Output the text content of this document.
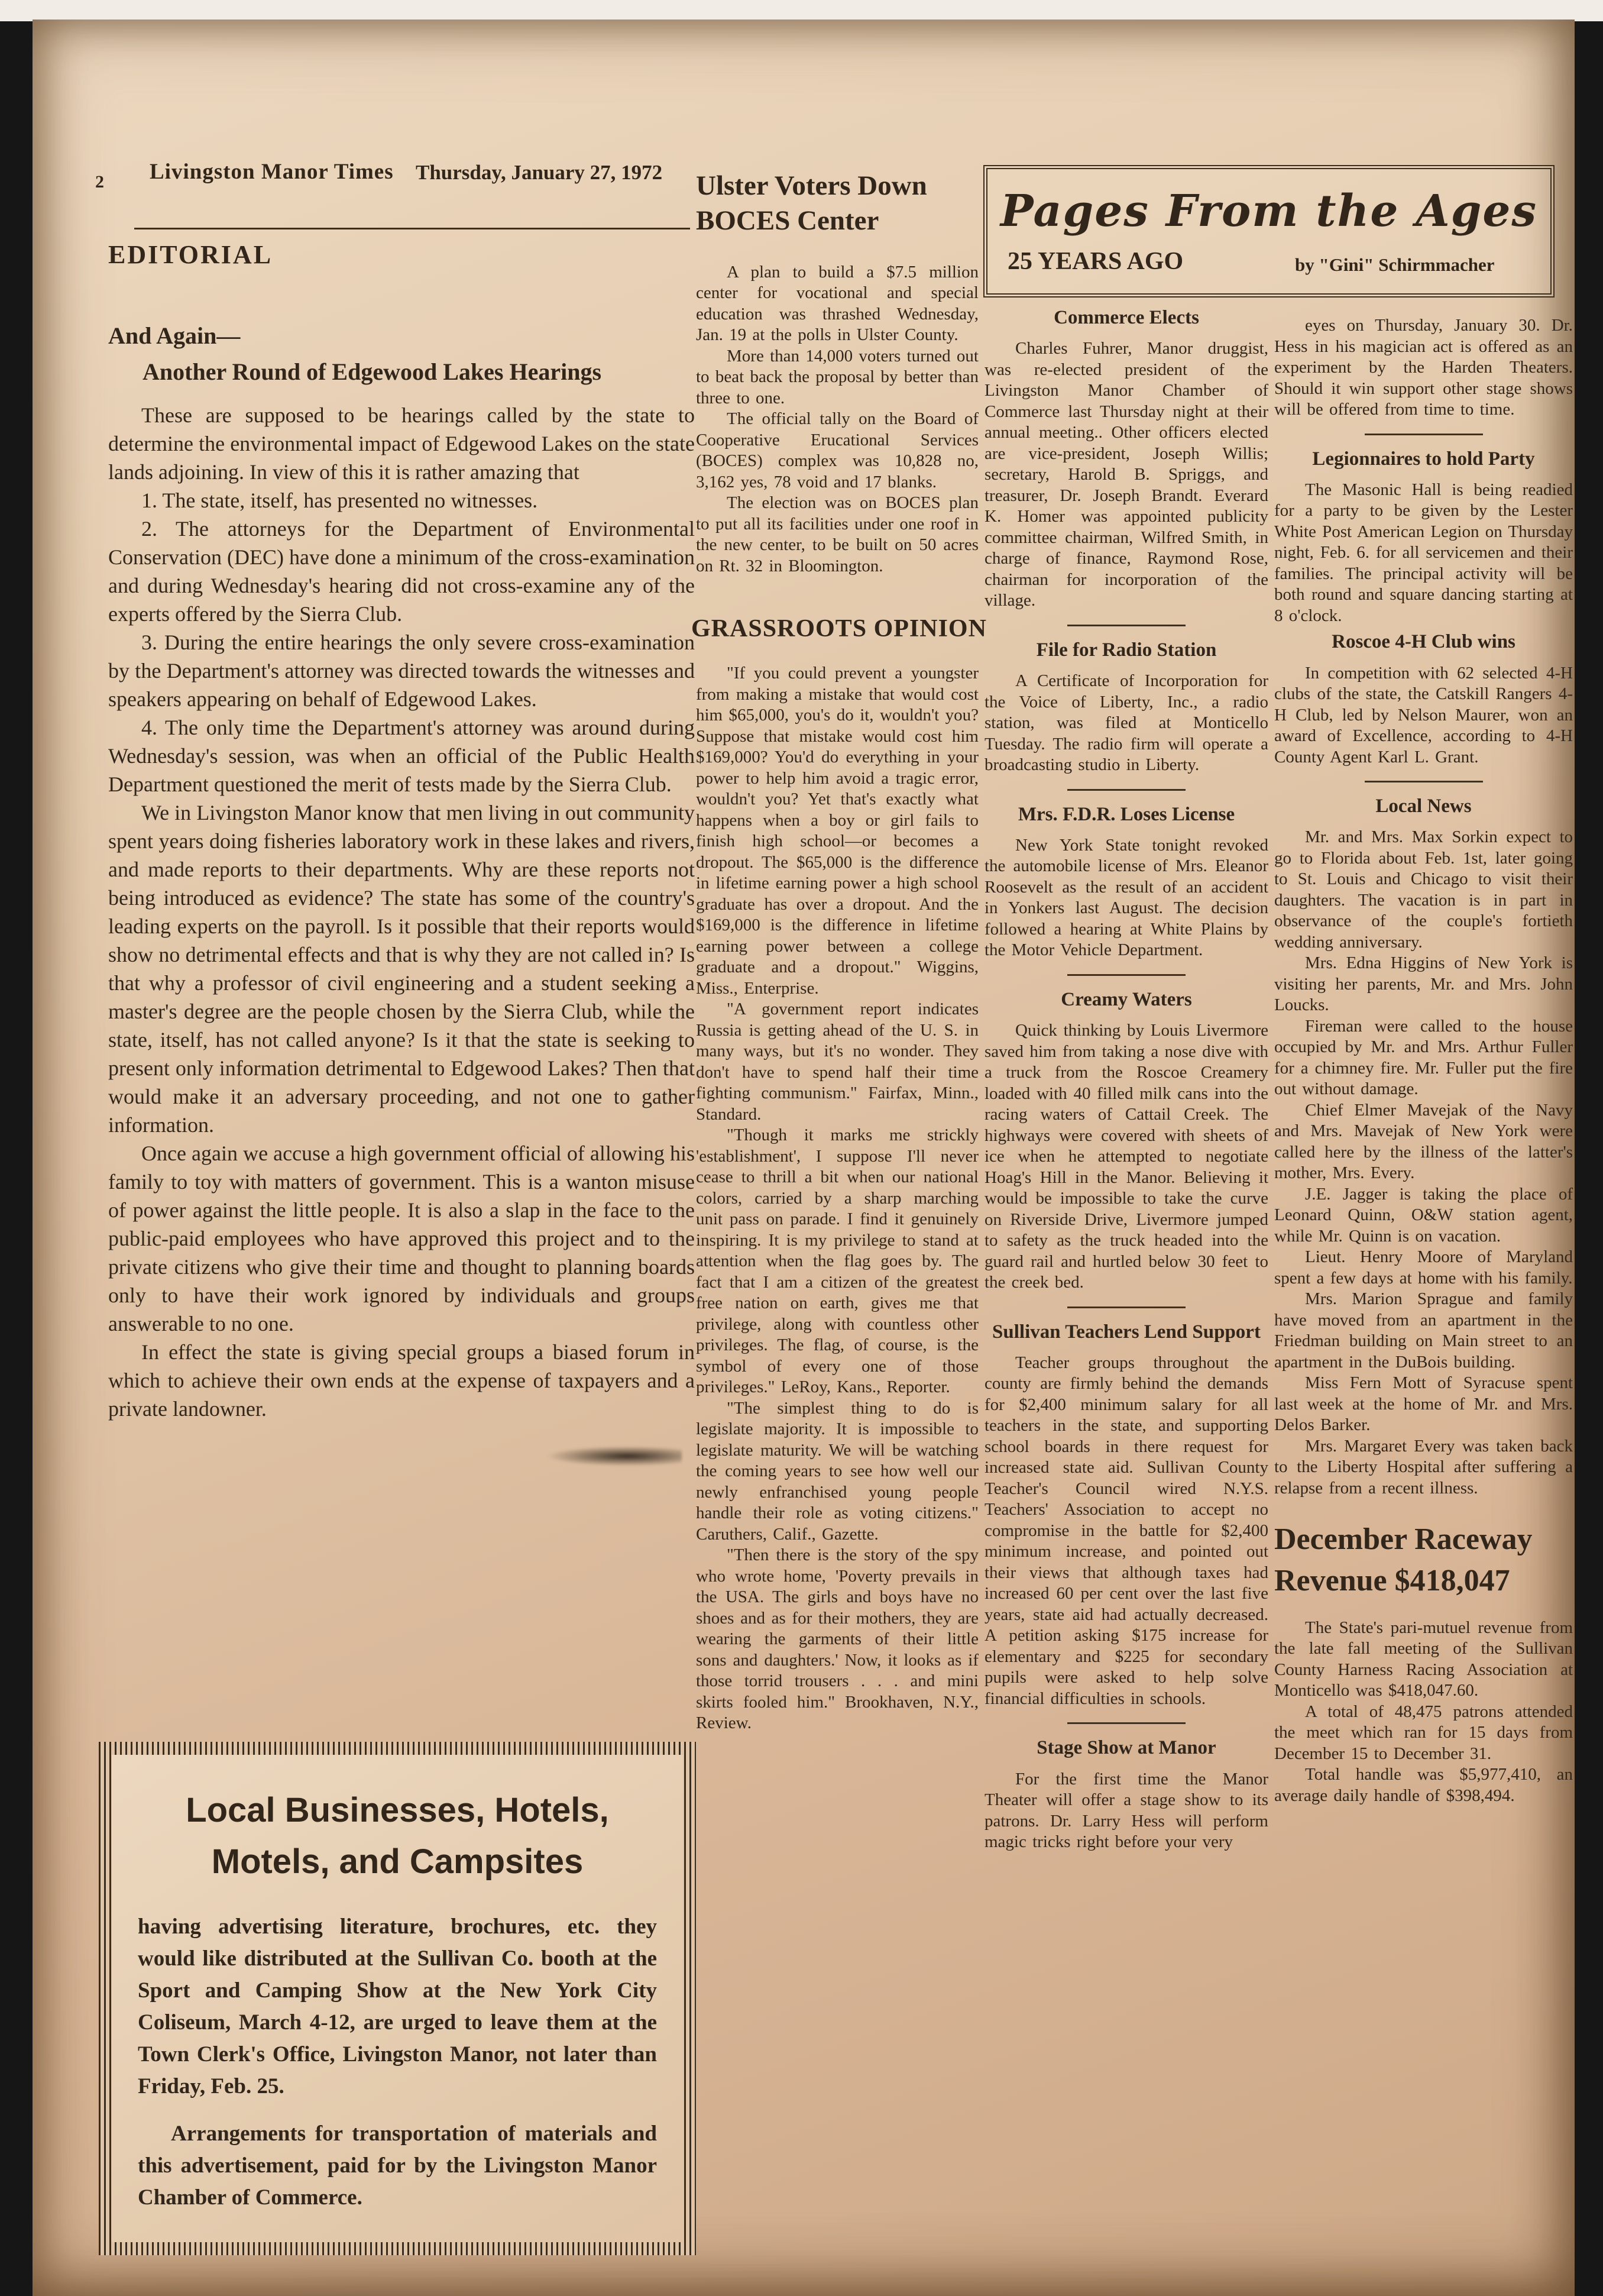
Livingston Manor Times Thursday, January 27, 1972
2
EDITORIAL
And Again—
Another Round of Edgewood Lakes Hearings

These are supposed to be hearings called by the state to determine the environmental impact of Edgewood Lakes on the state lands adjoining. In view of this it is rather amazing that

1. The state, itself, has presented no witnesses.

2. The attorneys for the Department of Environmental Conservation (DEC) have done a minimum of the cross-examination and during Wednesday's hearing did not cross-examine any of the experts offered by the Sierra Club.

3. During the entire hearings the only severe cross-examination by the Department's attorney was directed towards the witnesses and speakers appearing on behalf of Edgewood Lakes.

4. The only time the Department's attorney was around during Wednesday's session, was when an official of the Public Health Department questioned the merit of tests made by the Sierra Club.

We in Livingston Manor know that men living in out community spent years doing fisheries laboratory work in these lakes and rivers, and made reports to their departments. Why are these reports not being introduced as evidence? The state has some of the country's leading experts on the payroll. Is it possible that their reports would show no detrimental effects and that is why they are not called in? Is that why a professor of civil engineering and a student seeking a master's degree are the people chosen by the Sierra Club, while the state, itself, has not called anyone? Is it that the state is seeking to present only information detrimental to Edgewood Lakes? Then that would make it an adversary proceeding, and not one to gather information.

Once again we accuse a high government official of allowing his family to toy with matters of government. This is a wanton misuse of power against the little people. It is also a slap in the face to the public-paid employees who have approved this project and to the private citizens who give their time and thought to planning boards only to have their work ignored by individuals and groups answerable to no one.

In effect the state is giving special groups a biased forum in which to achieve their own ends at the expense of taxpayers and a private landowner.

Local Businesses, Hotels, Motels, and Campsites

having advertising literature, brochures, etc. they would like distributed at the Sullivan Co. booth at the Sport and Camping Show at the New York City Coliseum, March 4-12, are urged to leave them at the Town Clerk's Office, Livingston Manor, not later than Friday, Feb. 25.

Arrangements for transportation of materials and this advertisement, paid for by the Livingston Manor Chamber of Commerce.

Ulster Voters Down BOCES Center

A plan to build a $7.5 million center for vocational and special education was thrashed Wednesday, Jan. 19 at the polls in Ulster County.

More than 14,000 voters turned out to beat back the proposal by better than three to one.

The official tally on the Board of Cooperative Erucational Services (BOCES) complex was 10,828 no, 3,162 yes, 78 void and 17 blanks.

The election was on BOCES plan to put all its facilities under one roof in the new center, to be built on 50 acres on Rt. 32 in Bloomington.

GRASSROOTS OPINION

"If you could prevent a youngster from making a mistake that would cost him $65,000, you's do it, wouldn't you? Suppose that mistake would cost him $169,000? You'd do everything in your power to help him avoid a tragic error, wouldn't you? Yet that's exactly what happens when a boy or girl fails to finish high school—or becomes a dropout. The $65,000 is the difference in lifetime earning power a high school graduate has over a dropout. And the $169,000 is the difference in lifetime earning power between a college graduate and a dropout." Wiggins, Miss., Enterprise.

"A government report indicates Russia is getting ahead of the U. S. in many ways, but it's no wonder. They don't have to spend half their time fighting communism." Fairfax, Minn., Standard.

"Though it marks me strickly 'establishment', I suppose I'll never cease to thrill a bit when our national colors, carried by a sharp marching unit pass on parade. I find it genuinely inspiring. It is my privilege to stand at attention when the flag goes by. The fact that I am a citizen of the greatest free nation on earth, gives me that privilege, along with countless other privileges. The flag, of course, is the symbol of every one of those privileges." LeRoy, Kans., Reporter.

"The simplest thing to do is legislate majority. It is impossible to legislate maturity. We will be watching the coming years to see how well our newly enfranchised young people handle their role as voting citizens." Caruthers, Calif., Gazette.

"Then there is the story of the spy who wrote home, 'Poverty prevails in the USA. The girls and boys have no shoes and as for their mothers, they are wearing the garments of their little sons and daughters.' Now, it looks as if those torrid trousers . . . and mini skirts fooled him." Brookhaven, N.Y., Review.

Pages From the Ages
25 YEARS AGO	by "Gini" Schirmmacher
Commerce Elects

Charles Fuhrer, Manor druggist, was re-elected president of the Livingston Manor Chamber of Commerce last Thursday night at their annual meeting.. Other officers elected are vice-president, Joseph Willis; secretary, Harold B. Spriggs, and treasurer, Dr. Joseph Brandt. Everard K. Homer was appointed publicity committee chairman, Wilfred Smith, in charge of finance, Raymond Rose, chairman for incorporation of the village.

File for Radio Station

A Certificate of Incorporation for the Voice of Liberty, Inc., a radio station, was filed at Monticello Tuesday. The radio firm will operate a broadcasting studio in Liberty.

Mrs. F.D.R. Loses License

New York State tonight revoked the automobile license of Mrs. Eleanor Roosevelt as the result of an accident in Yonkers last August. The decision followed a hearing at White Plains by the Motor Vehicle Department.

Creamy Waters

Quick thinking by Louis Livermore saved him from taking a nose dive with a truck from the Roscoe Creamery loaded with 40 filled milk cans into the racing waters of Cattail Creek. The highways were covered with sheets of ice when he attempted to negotiate Hoag's Hill in the Manor. Believing it would be impossible to take the curve on Riverside Drive, Livermore jumped to safety as the truck headed into the guard rail and hurtled below 30 feet to the creek bed.

Sullivan Teachers Lend Support

Teacher groups throughout the county are firmly behind the demands for $2,400 minimum salary for all teachers in the state, and supporting school boards in there request for increased state aid. Sullivan County Teacher's Council wired N.Y.S. Teachers' Association to accept no compromise in the battle for $2,400 minimum increase, and pointed out their views that although taxes had increased 60 per cent over the last five years, state aid had actually decreased. A petition asking $175 increase for elementary and $225 for secondary pupils were asked to help solve financial difficulties in schools.

Stage Show at Manor

For the first time the Manor Theater will offer a stage show to its patrons. Dr. Larry Hess will perform magic tricks right before your very

eyes on Thursday, January 30. Dr. Hess in his magician act is offered as an experiment by the Harden Theaters. Should it win support other stage shows will be offered from time to time.

Legionnaires to hold Party

The Masonic Hall is being readied for a party to be given by the Lester White Post American Legion on Thursday night, Feb. 6. for all servicemen and their families. The principal activity will be both round and square dancing starting at 8 o'clock.

Roscoe 4-H Club wins

In competition with 62 selected 4-H clubs of the state, the Catskill Rangers 4-H Club, led by Nelson Maurer, won an award of Excellence, according to 4-H County Agent Karl L. Grant.

Local News

Mr. and Mrs. Max Sorkin expect to go to Florida about Feb. 1st, later going to St. Louis and Chicago to visit their daughters. The vacation is in part in observance of the couple's fortieth wedding anniversary.

Mrs. Edna Higgins of New York is visiting her parents, Mr. and Mrs. John Loucks.

Fireman were called to the house occupied by Mr. and Mrs. Arthur Fuller for a chimney fire. Mr. Fuller put the fire out without damage.

Chief Elmer Mavejak of the Navy and Mrs. Mavejak of New York were called here by the illness of the latter's mother, Mrs. Every.

J.E. Jagger is taking the place of Leonard Quinn, O&W station agent, while Mr. Quinn is on vacation.

Lieut. Henry Moore of Maryland spent a few days at home with his family.

Mrs. Marion Sprague and family have moved from an apartment in the Friedman building on Main street to an apartment in the DuBois building.

Miss Fern Mott of Syracuse spent last week at the home of Mr. and Mrs. Delos Barker.

Mrs. Margaret Every was taken back to the Liberty Hospital after suffering a relapse from a recent illness.

December Raceway
Revenue $418,047

The State's pari-mutuel revenue from the late fall meeting of the Sullivan County Harness Racing Association at Monticello was $418,047.60.

A total of 48,475 patrons attended the meet which ran for 15 days from December 15 to December 31.

Total handle was $5,977,410, an average daily handle of $398,494.
